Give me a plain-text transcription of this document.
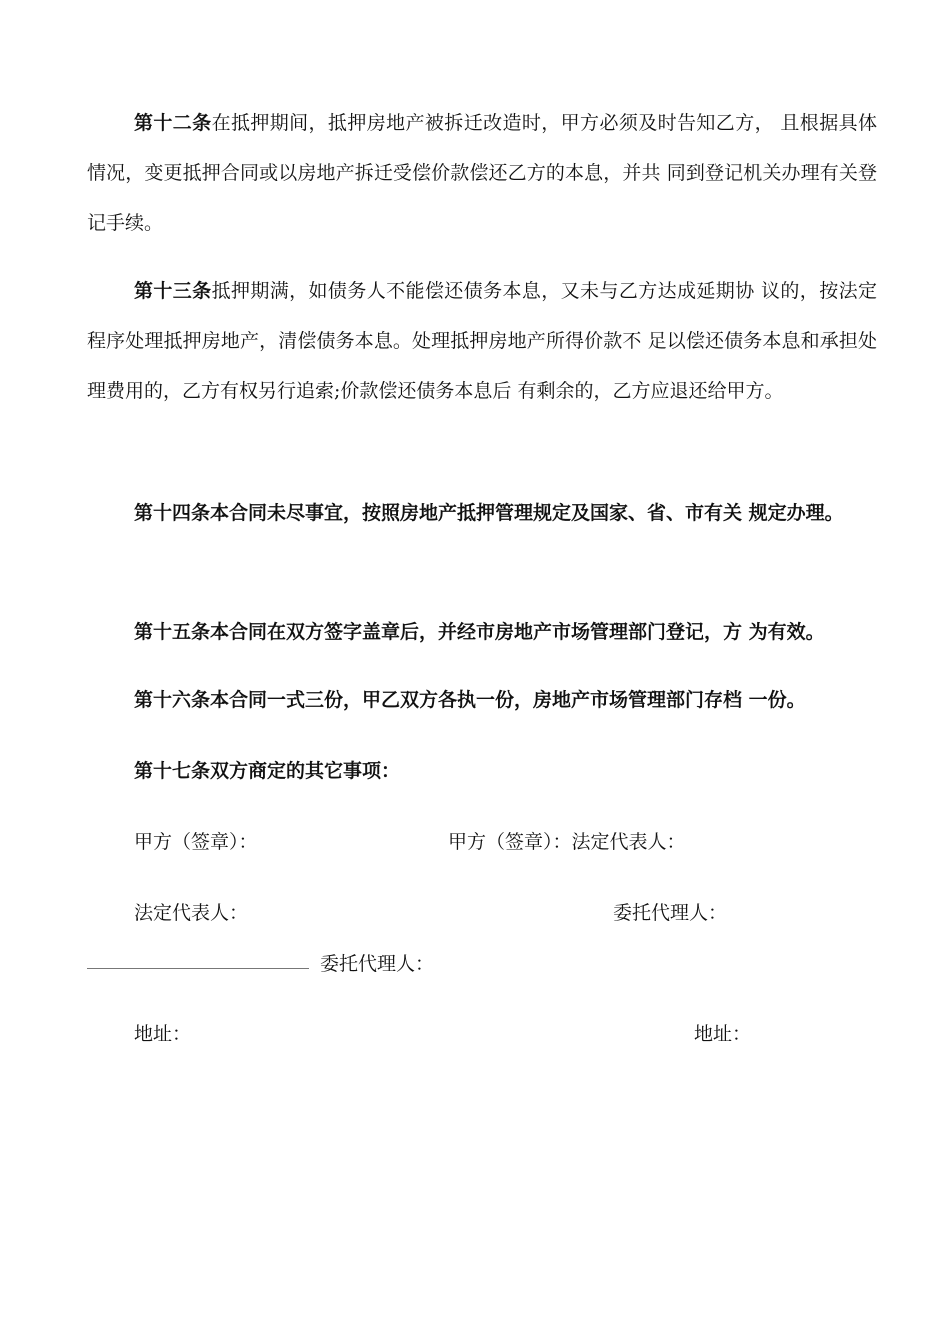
第十二条在抵押期间，抵押房地产被拆迁改造时，甲方必须及时告知乙方， 且根据具体情况，变更抵押合同或以房地产拆迁受偿价款偿还乙方的本息，并共 同到登记机关办理有关登记手续。
第十三条抵押期满，如债务人不能偿还债务本息，又未与乙方达成延期协 议的，按法定程序处理抵押房地产，清偿债务本息。处理抵押房地产所得价款不 足以偿还债务本息和承担处理费用的，乙方有权另行追索;价款偿还债务本息后 有剩余的，乙方应退还给甲方。
第十四条本合同未尽事宜，按照房地产抵押管理规定及国家、省、市有关 规定办理。
第十五条本合同在双方签字盖章后，并经市房地产市场管理部门登记，方 为有效。
第十六条本合同一式三份，甲乙双方各执一份，房地产市场管理部门存档 一份。
第十七条双方商定的其它事项：
甲方（签章）：	甲方（签章）：法定代表人：
法定代表人：	委托代理人：
委托代理人：
地址：	地址：
